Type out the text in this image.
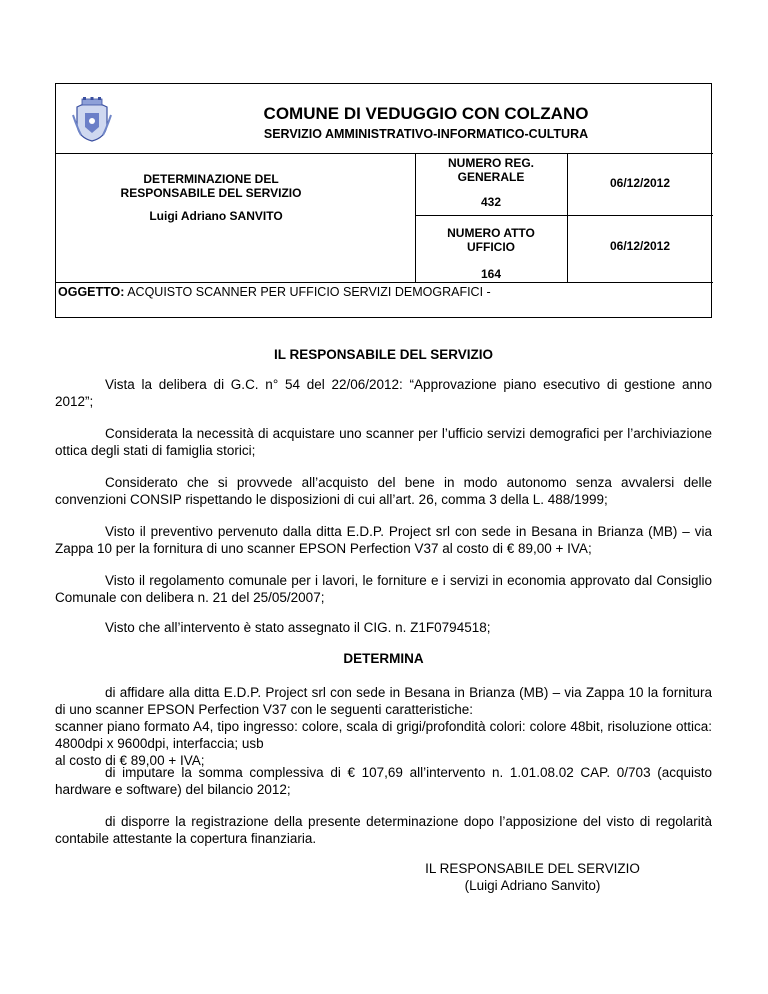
COMUNE DI VEDUGGIO CON COLZANO
SERVIZIO AMMINISTRATIVO-INFORMATICO-CULTURA
DETERMINAZIONE DEL
RESPONSABILE DEL SERVIZIO
Luigi Adriano SANVITO
NUMERO REG.
GENERALE
432
NUMERO ATTO
UFFICIO
164
06/12/2012
06/12/2012
OGGETTO: ACQUISTO SCANNER PER UFFICIO SERVIZI DEMOGRAFICI -
IL RESPONSABILE DEL SERVIZIO
Vista la delibera di G.C. n° 54 del 22/06/2012: “Approvazione piano esecutivo di gestione anno 2012”;
Considerata la necessità di acquistare uno scanner per l’ufficio servizi demografici per l’archiviazione ottica degli stati di famiglia storici;
Considerato che si provvede all’acquisto del bene in modo autonomo senza avvalersi delle convenzioni CONSIP rispettando le disposizioni di cui all’art. 26, comma 3 della L. 488/1999;
Visto il preventivo pervenuto dalla ditta E.D.P. Project srl con sede in Besana in Brianza (MB) – via Zappa 10 per la fornitura di uno scanner EPSON Perfection V37 al costo di € 89,00 + IVA;
Visto il regolamento comunale per i lavori, le forniture e i servizi in economia approvato dal Consiglio Comunale con delibera n. 21 del 25/05/2007;
Visto che all’intervento è stato assegnato il CIG. n. Z1F0794518;
DETERMINA
di affidare alla ditta E.D.P. Project srl con sede in Besana in Brianza (MB) – via Zappa 10 la fornitura di uno scanner EPSON Perfection V37 con le seguenti caratteristiche:
scanner piano formato A4, tipo ingresso: colore, scala di grigi/profondità colori: colore 48bit, risoluzione ottica: 4800dpi x 9600dpi, interfaccia; usb
al costo di € 89,00 + IVA;
di imputare la somma complessiva di € 107,69 all’intervento n. 1.01.08.02 CAP. 0/703 (acquisto hardware e software) del bilancio 2012;
di disporre la registrazione della presente determinazione dopo l’apposizione del visto di regolarità contabile attestante la copertura finanziaria.
IL RESPONSABILE DEL SERVIZIO
(Luigi Adriano Sanvito)
